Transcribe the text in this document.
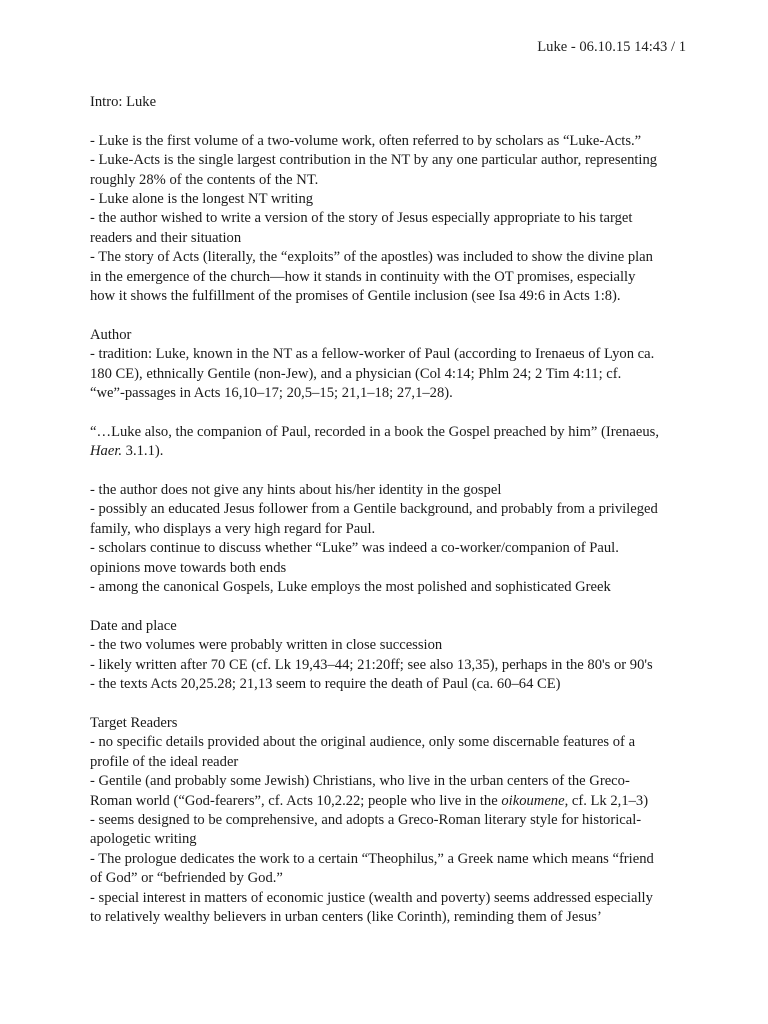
Luke - 06.10.15 14:43 / 1
Intro: Luke
- Luke is the first volume of a two-volume work, often referred to by scholars as “Luke-Acts.”
- Luke-Acts is the single largest contribution in the NT by any one particular author, representing
roughly 28% of the contents of the NT.
- Luke alone is the longest NT writing
- the author wished to write a version of the story of Jesus especially appropriate to his target
readers and their situation
- The story of Acts (literally, the “exploits” of the apostles) was included to show the divine plan
in the emergence of the church—how it stands in continuity with the OT promises, especially
how it shows the fulfillment of the promises of Gentile inclusion (see Isa 49:6 in Acts 1:8).
Author
- tradition: Luke, known in the NT as a fellow-worker of Paul (according to Irenaeus of Lyon ca.
180 CE), ethnically Gentile (non-Jew), and a physician (Col 4:14; Phlm 24; 2 Tim 4:11; cf.
“we”-passages in Acts 16,10–17; 20,5–15; 21,1–18; 27,1–28).
“…Luke also, the companion of Paul, recorded in a book the Gospel preached by him” (Irenaeus,
Haer. 3.1.1).
- the author does not give any hints about his/her identity in the gospel
- possibly an educated Jesus follower from a Gentile background, and probably from a privileged
family, who displays a very high regard for Paul.
- scholars continue to discuss whether “Luke” was indeed a co-worker/companion of Paul.
opinions move towards both ends
- among the canonical Gospels, Luke employs the most polished and sophisticated Greek
Date and place
- the two volumes were probably written in close succession
- likely written after 70 CE (cf. Lk 19,43–44; 21:20ff; see also 13,35), perhaps in the 80's or 90's
- the texts Acts 20,25.28; 21,13 seem to require the death of Paul (ca. 60–64 CE)
Target Readers
- no specific details provided about the original audience, only some discernable features of a
profile of the ideal reader
- Gentile (and probably some Jewish) Christians, who live in the urban centers of the Greco-
Roman world (“God-fearers”, cf. Acts 10,2.22; people who live in the oikoumene, cf. Lk 2,1–3)
- seems designed to be comprehensive, and adopts a Greco-Roman literary style for historical-
apologetic writing
- The prologue dedicates the work to a certain “Theophilus,” a Greek name which means “friend
of God” or “befriended by God.”
- special interest in matters of economic justice (wealth and poverty) seems addressed especially
to relatively wealthy believers in urban centers (like Corinth), reminding them of Jesus’
